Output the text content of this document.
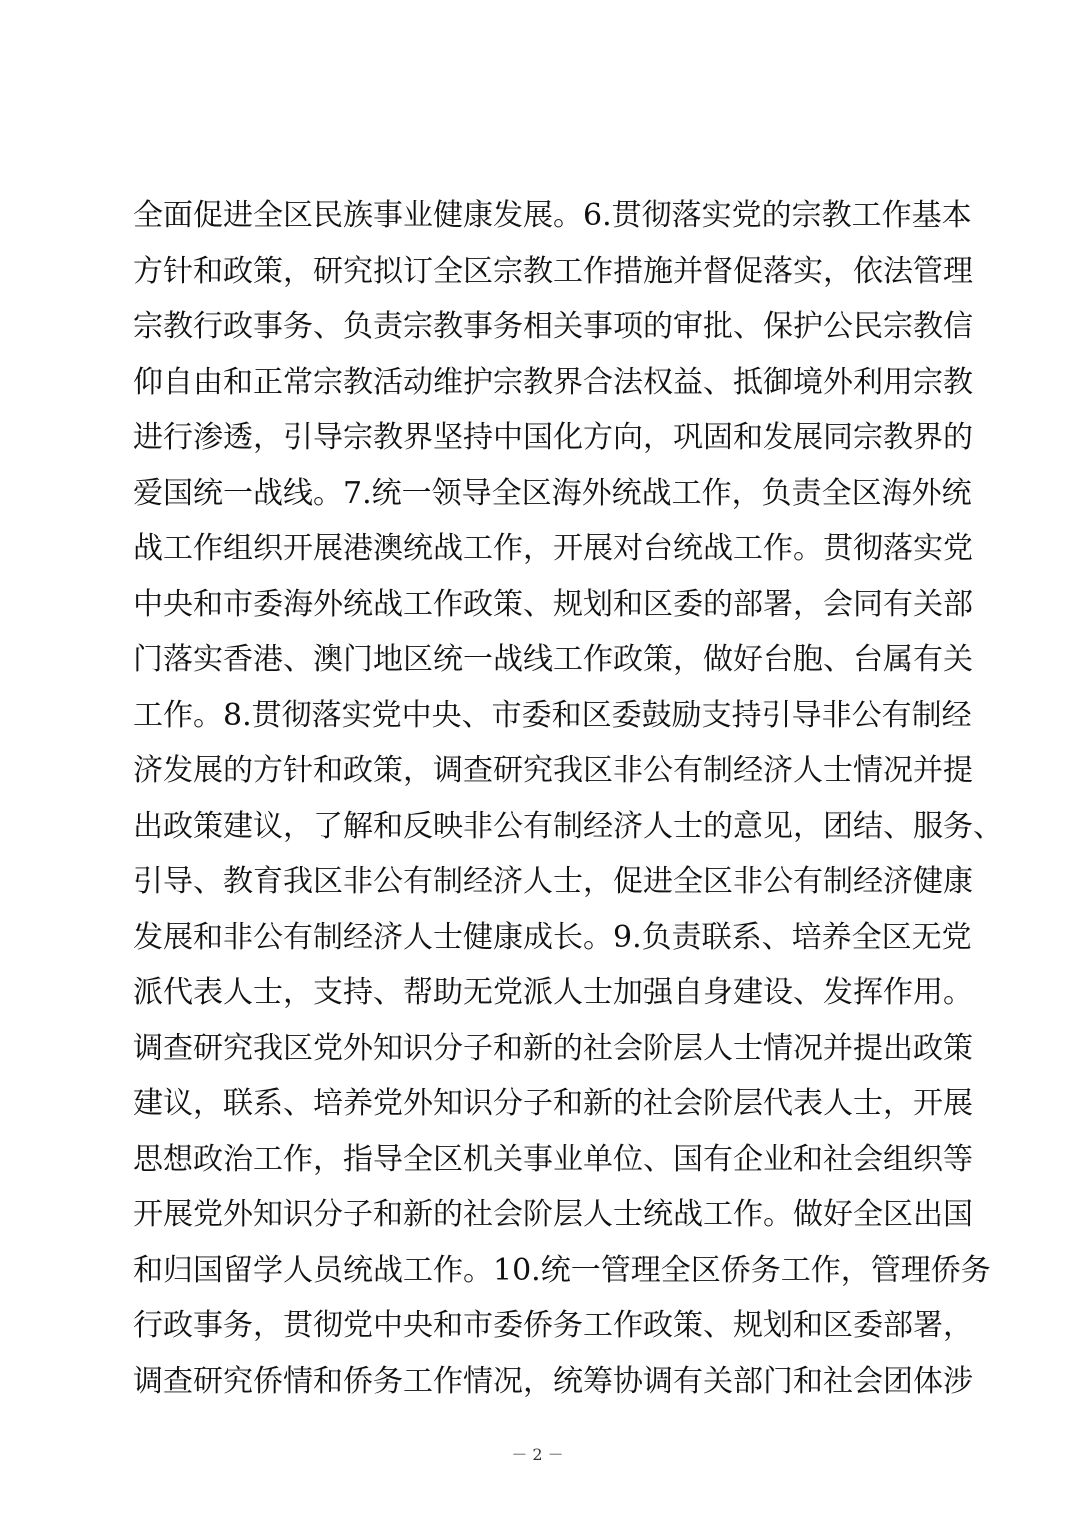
全面促进全区民族事业健康发展。6.贯彻落实党的宗教工作基本
方针和政策，研究拟订全区宗教工作措施并督促落实，依法管理
宗教行政事务、负责宗教事务相关事项的审批、保护公民宗教信
仰自由和正常宗教活动维护宗教界合法权益、抵御境外利用宗教
进行渗透，引导宗教界坚持中国化方向，巩固和发展同宗教界的
爱国统一战线。7.统一领导全区海外统战工作，负责全区海外统
战工作组织开展港澳统战工作，开展对台统战工作。贯彻落实党
中央和市委海外统战工作政策、规划和区委的部署，会同有关部
门落实香港、澳门地区统一战线工作政策，做好台胞、台属有关
工作。8.贯彻落实党中央、市委和区委鼓励支持引导非公有制经
济发展的方针和政策，调查研究我区非公有制经济人士情况并提
出政策建议，了解和反映非公有制经济人士的意见，团结、服务、
引导、教育我区非公有制经济人士，促进全区非公有制经济健康
发展和非公有制经济人士健康成长。9.负责联系、培养全区无党
派代表人士，支持、帮助无党派人士加强自身建设、发挥作用。
调查研究我区党外知识分子和新的社会阶层人士情况并提出政策
建议，联系、培养党外知识分子和新的社会阶层代表人士，开展
思想政治工作，指导全区机关事业单位、国有企业和社会组织等
开展党外知识分子和新的社会阶层人士统战工作。做好全区出国
和归国留学人员统战工作。10.统一管理全区侨务工作，管理侨务
行政事务，贯彻党中央和市委侨务工作政策、规划和区委部署，
调查研究侨情和侨务工作情况，统筹协调有关部门和社会团体涉
－ 2 －
